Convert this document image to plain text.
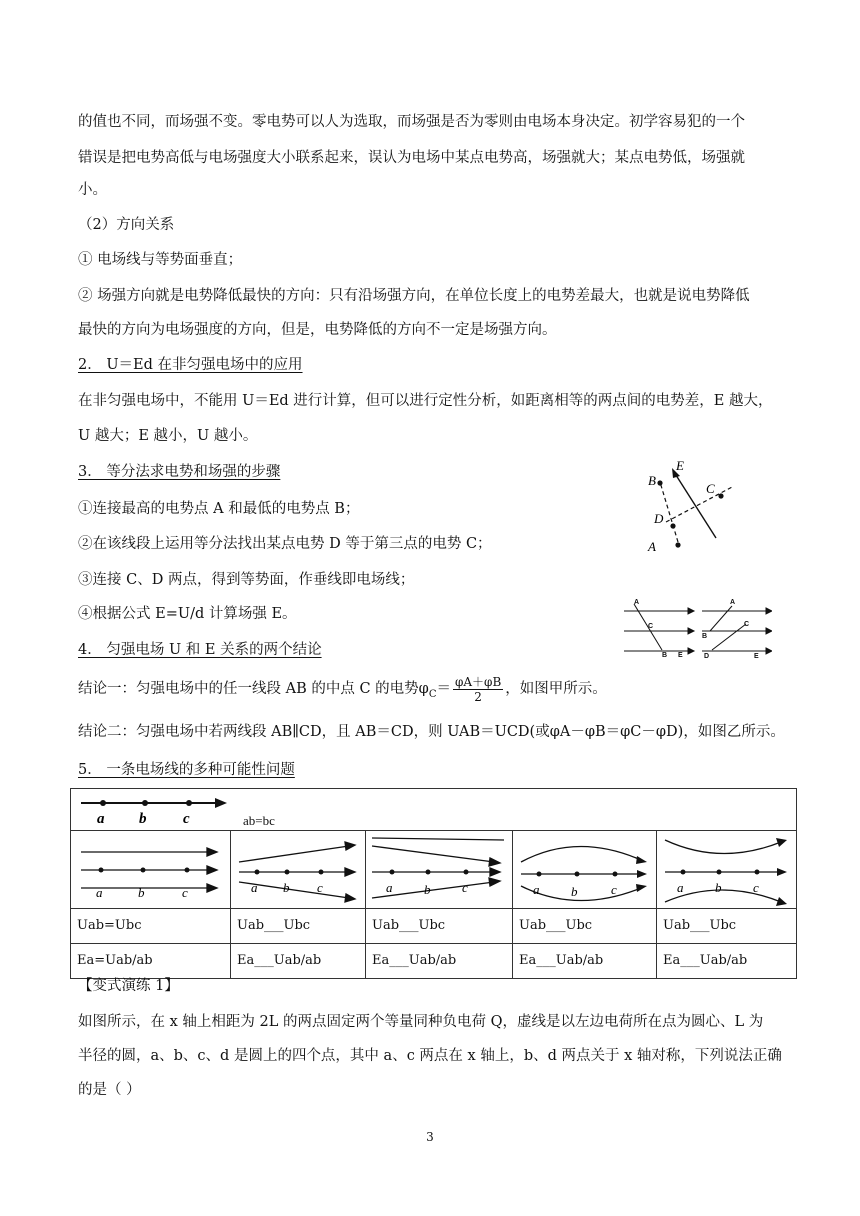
的值也不同，而场强不变。零电势可以人为选取，而场强是否为零则由电场本身决定。初学容易犯的一个
错误是把电势高低与电场强度大小联系起来，误认为电场中某点电势高，场强就大；某点电势低，场强就
小。
（2）方向关系
① 电场线与等势面垂直；
② 场强方向就是电势降低最快的方向：只有沿场强方向，在单位长度上的电势差最大，也就是说电势降低
最快的方向为电场强度的方向，但是，电势降低的方向不一定是场强方向。
2． U＝Ed 在非匀强电场中的应用
在非匀强电场中，不能用 U＝Ed 进行计算，但可以进行定性分析，如距离相等的两点间的电势差，E 越大，
U 越大；E 越小，U 越小。
3． 等分法求电势和场强的步骤
①连接最高的电势点 A 和最低的电势点 B；
②在该线段上运用等分法找出某点电势 D 等于第三点的电势 C；
③连接 C、D 两点，得到等势面，作垂线即电场线；
④根据公式 E=U/d 计算场强 E。
4． 匀强电场 U 和 E 关系的两个结论
结论一：匀强电场中的任一线段 AB 的中点 C 的电势$\varphi_C= \frac{\varphi A+\varphi B}{2}$ ，如图甲所示。
结论二：匀强电场中若两线段 AB∥CD，且 AB＝CD，则 UAB＝UCD(或φA－φB＝φC－φD)，如图乙所示。
5． 一条电场线的多种可能性问题
E
B
C
D
A
A
C
B E
A
B
C
D	E
a b c ab=bc				

a b c	a b c	a b c	a b c	a b c

Uab=Ubc	Uab___Ubc	Uab___Ubc	Uab___Ubc	Uab___Ubc

Ea=Uab/ab	Ea___Uab/ab	Ea___Uab/ab	Ea___Uab/ab	Ea___Uab/ab
【变式演练 1】
如图所示，在 x 轴上相距为 2L 的两点固定两个等量同种负电荷 Q，虚线是以左边电荷所在点为圆心、L 为
半径的圆，a、b、c、d 是圆上的四个点，其中 a、c 两点在 x 轴上，b、d 两点关于 x 轴对称，下列说法正确
的是（ ）
3
